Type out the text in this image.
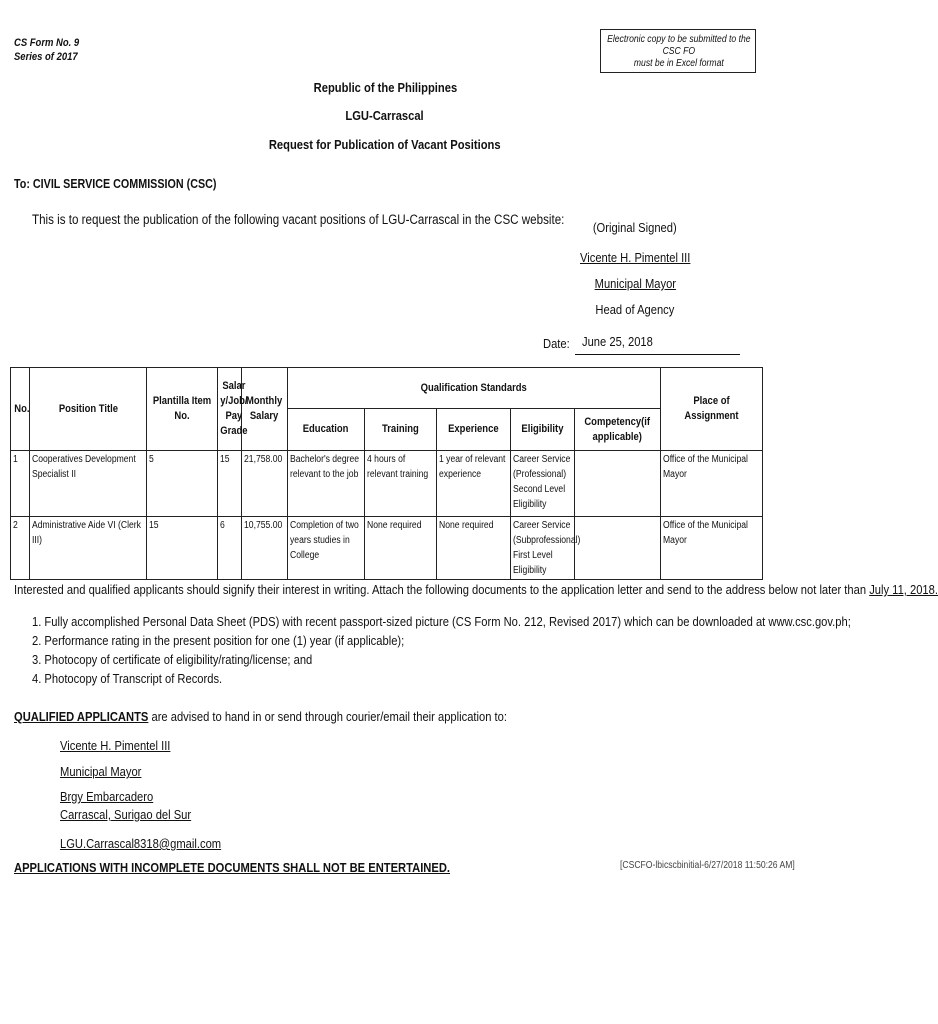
CS Form No. 9
Series of 2017
Electronic copy to be submitted to the CSC FO
must be in Excel format
Republic of the Philippines
LGU-Carrascal
Request for Publication of Vacant Positions
To: CIVIL SERVICE COMMISSION (CSC)
This is to request the publication of the following vacant positions of LGU-Carrascal in the CSC website:
(Original Signed)
Vicente H. Pimentel III
Municipal Mayor
Head of Agency
Date: June 25, 2018
No.	Position Title	Plantilla Item No.	Salar
y/Job/
Pay
Grade	Monthly
Salary	Qualification Standards					Place of Assignment
					Education	Training	Experience	Eligibility	Competency(if
applicable)	

1	Cooperatives Development Specialist II	5	15	21,758.00	Bachelor's degree relevant to the job	4 hours of relevant training	1 year of relevant experience	Career Service (Professional) Second Level Eligibility		Office of the Municipal Mayor

2	Administrative Aide VI (Clerk III)	15	6	10,755.00	Completion of two years studies in College	None required	None required	Career Service (Subprofessional) First Level Eligibility		Office of the Municipal Mayor
Interested and qualified applicants should signify their interest in writing. Attach the following documents to the application letter and send to the address below not later than July 11, 2018.
1. Fully accomplished Personal Data Sheet (PDS) with recent passport-sized picture (CS Form No. 212, Revised 2017) which can be downloaded at www.csc.gov.ph;
2. Performance rating in the present position for one (1) year (if applicable);
3. Photocopy of certificate of eligibility/rating/license; and
4. Photocopy of Transcript of Records.
QUALIFIED APPLICANTS are advised to hand in or send through courier/email their application to:
Vicente H. Pimentel III
Municipal Mayor
Brgy Embarcadero
Carrascal, Surigao del Sur
LGU.Carrascal8318@gmail.com
APPLICATIONS WITH INCOMPLETE DOCUMENTS SHALL NOT BE ENTERTAINED.	[CSCFO-lbicscbinitial-6/27/2018 11:50:26 AM]
